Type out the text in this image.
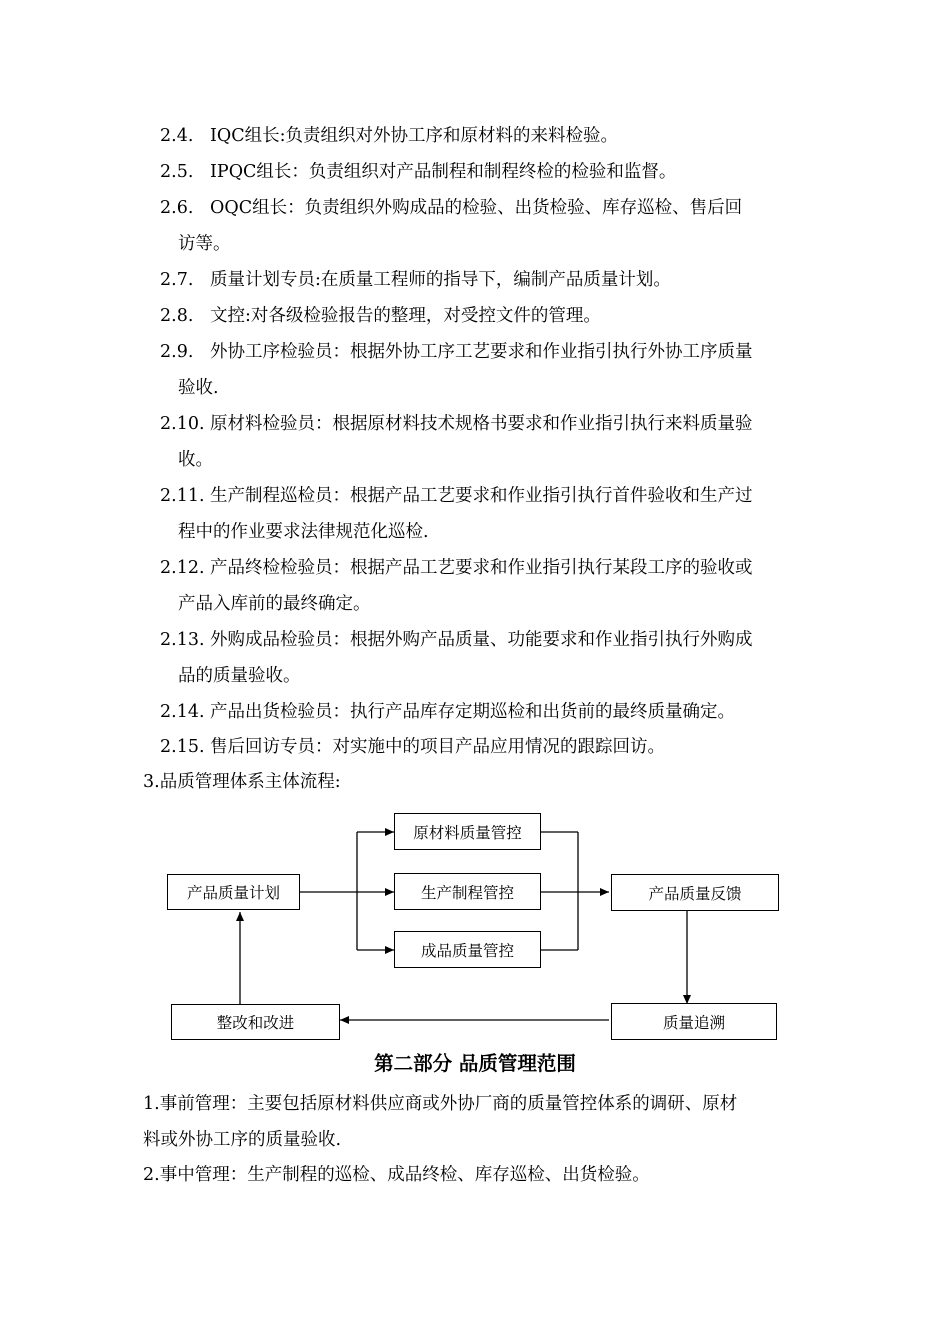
2.4. IQC组长:负责组织对外协工序和原材料的来料检验。
2.5. IPQC组长：负责组织对产品制程和制程终检的检验和监督。
2.6. OQC组长：负责组织外购成品的检验、出货检验、库存巡检、售后回
访等。
2.7. 质量计划专员:在质量工程师的指导下，编制产品质量计划。
2.8. 文控:对各级检验报告的整理，对受控文件的管理。
2.9. 外协工序检验员：根据外协工序工艺要求和作业指引执行外协工序质量
验收.
2.10. 原材料检验员：根据原材料技术规格书要求和作业指引执行来料质量验
收。
2.11. 生产制程巡检员：根据产品工艺要求和作业指引执行首件验收和生产过
程中的作业要求法律规范化巡检.
2.12. 产品终检检验员：根据产品工艺要求和作业指引执行某段工序的验收或
产品入库前的最终确定。
2.13. 外购成品检验员：根据外购产品质量、功能要求和作业指引执行外购成
品的质量验收。
2.14. 产品出货检验员：执行产品库存定期巡检和出货前的最终质量确定。
2.15. 售后回访专员：对实施中的项目产品应用情况的跟踪回访。
3.品质管理体系主体流程:
产品质量计划
原材料质量管控
生产制程管控
成品质量管控
产品质量反馈
质量追溯
整改和改进
第二部分 品质管理范围
1.事前管理：主要包括原材料供应商或外协厂商的质量管控体系的调研、原材
料或外协工序的质量验收.
2.事中管理：生产制程的巡检、成品终检、库存巡检、出货检验。
